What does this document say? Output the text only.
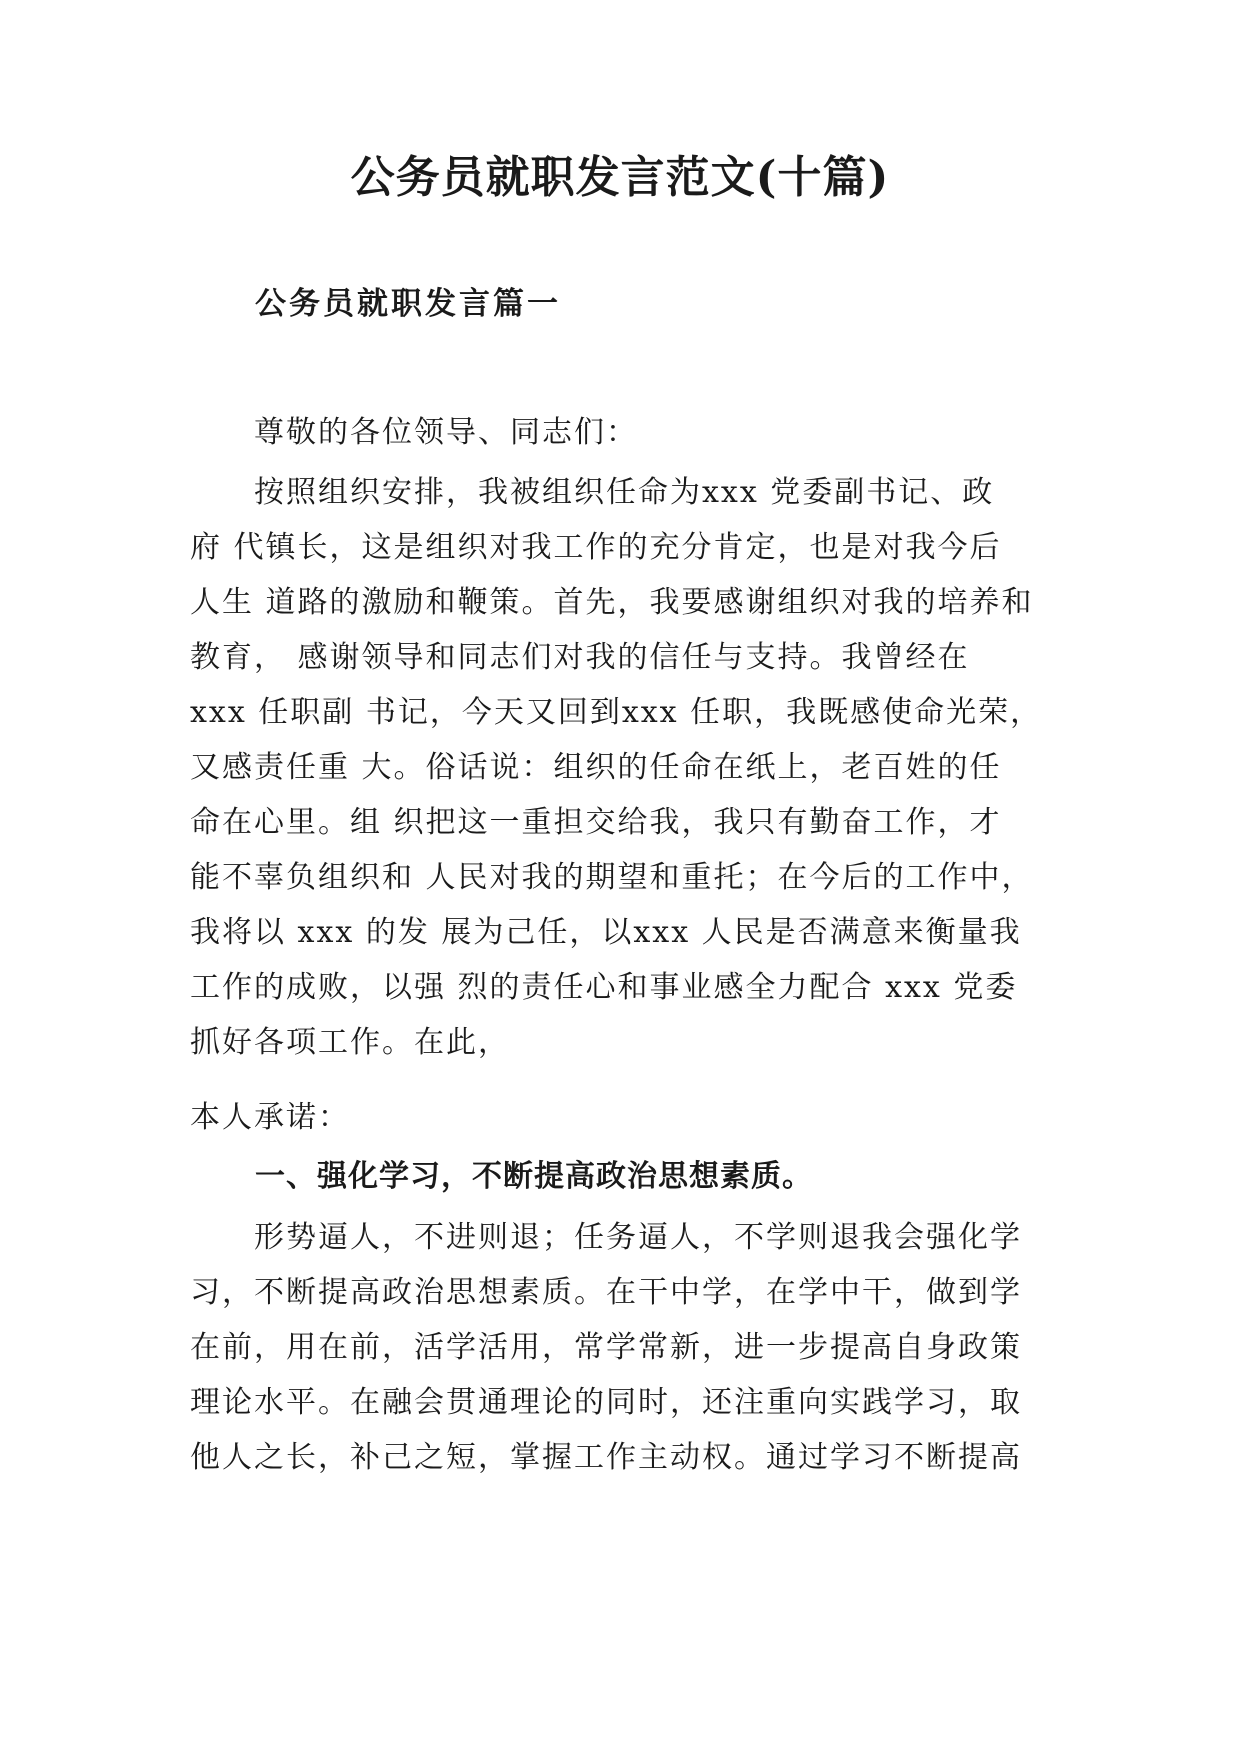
公务员就职发言范文(十篇)
公务员就职发言篇一

尊敬的各位领导、同志们：

按照组织安排，我被组织任命为xxx 党委副书记、政
府 代镇长，这是组织对我工作的充分肯定，也是对我今后
人生 道路的激励和鞭策。首先，我要感谢组织对我的培养和
教育， 感谢领导和同志们对我的信任与支持。我曾经在
xxx 任职副 书记，今天又回到xxx 任职，我既感使命光荣，
又感责任重 大。俗话说：组织的任命在纸上，老百姓的任
命在心里。组 织把这一重担交给我，我只有勤奋工作，才
能不辜负组织和 人民对我的期望和重托；在今后的工作中，
我将以 xxx 的发 展为己任，以xxx 人民是否满意来衡量我
工作的成败，以强 烈的责任心和事业感全力配合 xxx 党委
抓好各项工作。在此，

本人承诺：

一、强化学习，不断提高政治思想素质。
形势逼人，不进则退；任务逼人，不学则退我会强化学
习，不断提高政治思想素质。在干中学，在学中干，做到学
在前，用在前，活学活用，常学常新，进一步提高自身政策
理论水平。在融会贯通理论的同时，还注重向实践学习，取
他人之长，补己之短，掌握工作主动权。通过学习不断提高
